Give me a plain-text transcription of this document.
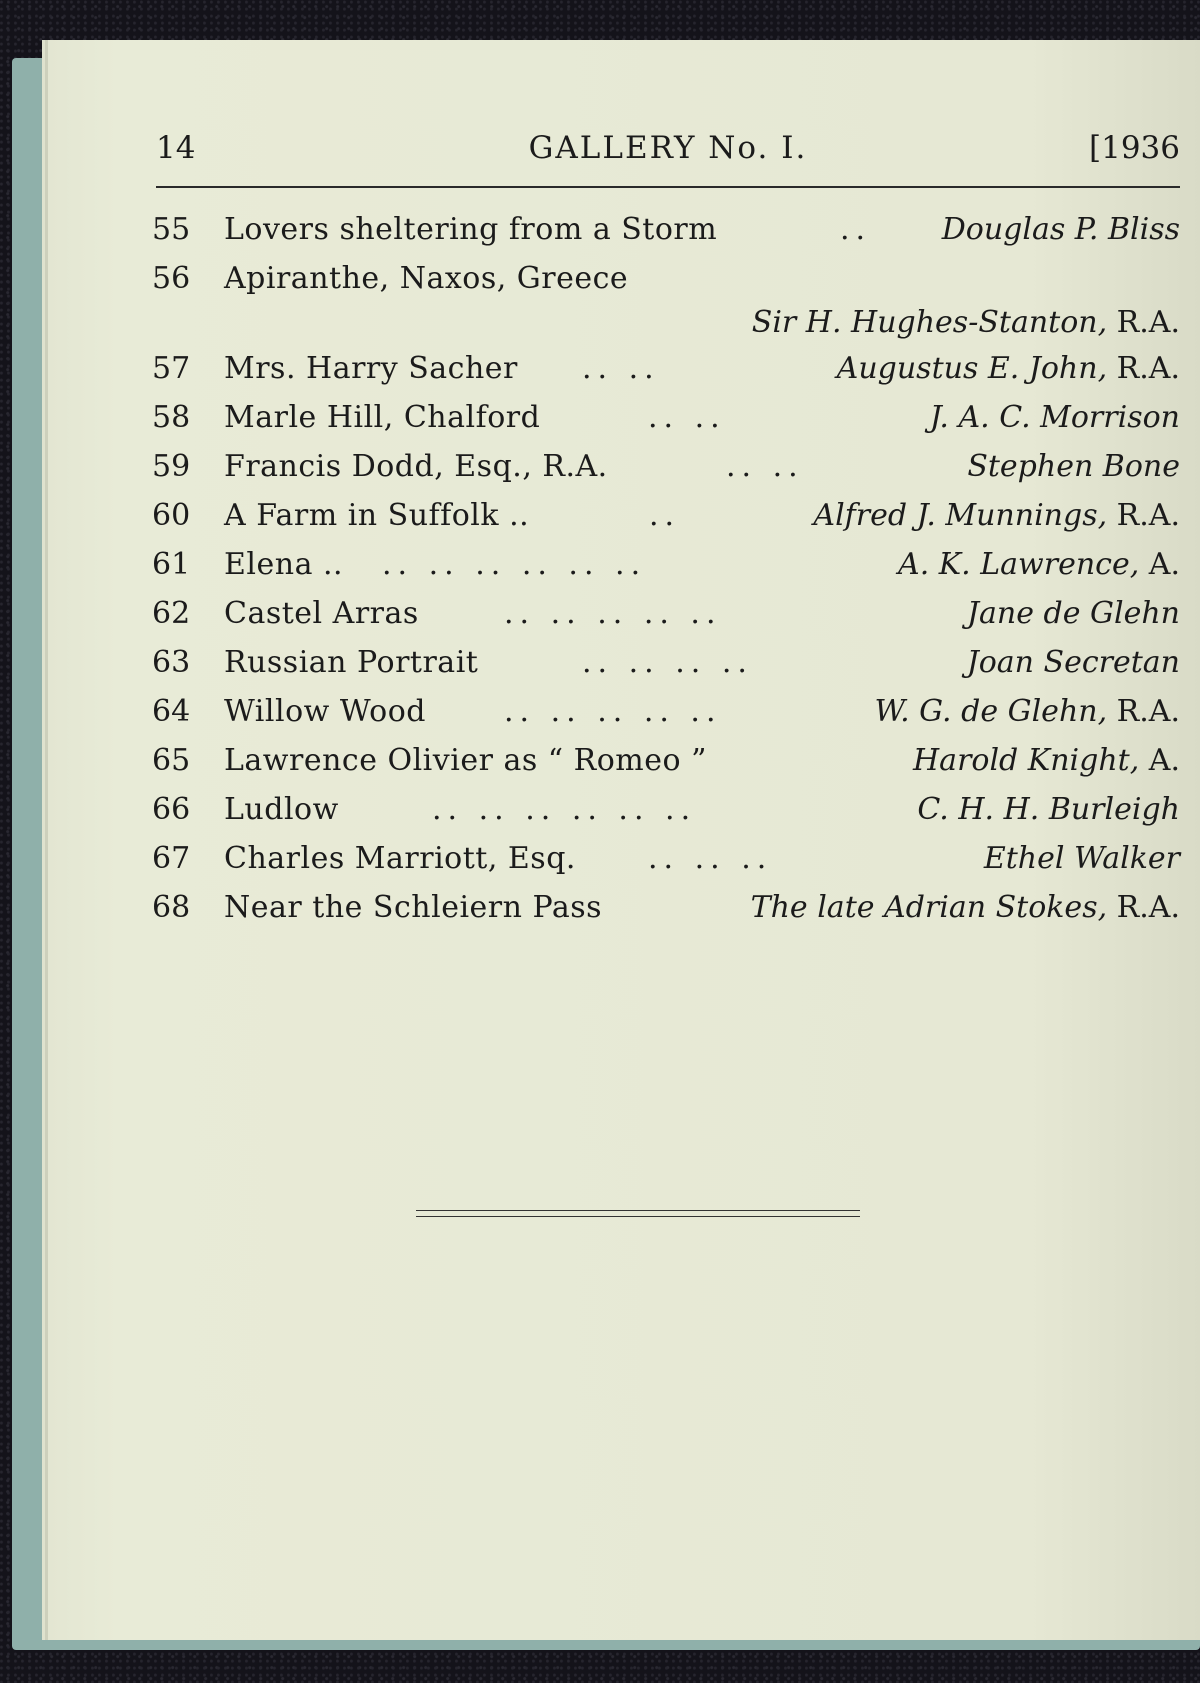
14	GALLERY No. I.	[1936
55	Lovers sheltering from a Storm	.. Douglas P. Bliss
56	Apiranthe, Naxos, Greece
Sir H. Hughes-Stanton, R.A.
57	Mrs. Harry Sacher .. ..	Augustus E. John, R.A.
58	Marle Hill, Chalford	.. ..	J. A. C. Morrison
59	Francis Dodd, Esq., R.A.	.. ..	Stephen Bone
60	A Farm in Suffolk ..	..	Alfred J. Munnings, R.A.
61	Elena .. .. .. .. .. .. ..	A. K. Lawrence, A.
62	Castel Arras	.. .. .. .. ..	Jane de Glehn
63	Russian Portrait	.. .. .. ..	Joan Secretan
64	Willow Wood	.. .. .. .. ..	W. G. de Glehn, R.A.
65	Lawrence Olivier as “ Romeo ”	Harold Knight, A.
66	Ludlow	.. .. .. .. .. ..	C. H. H. Burleigh
67	Charles Marriott, Esq. .. .. ..	Ethel Walker
68	Near the Schleiern Pass	The late Adrian Stokes, R.A.
